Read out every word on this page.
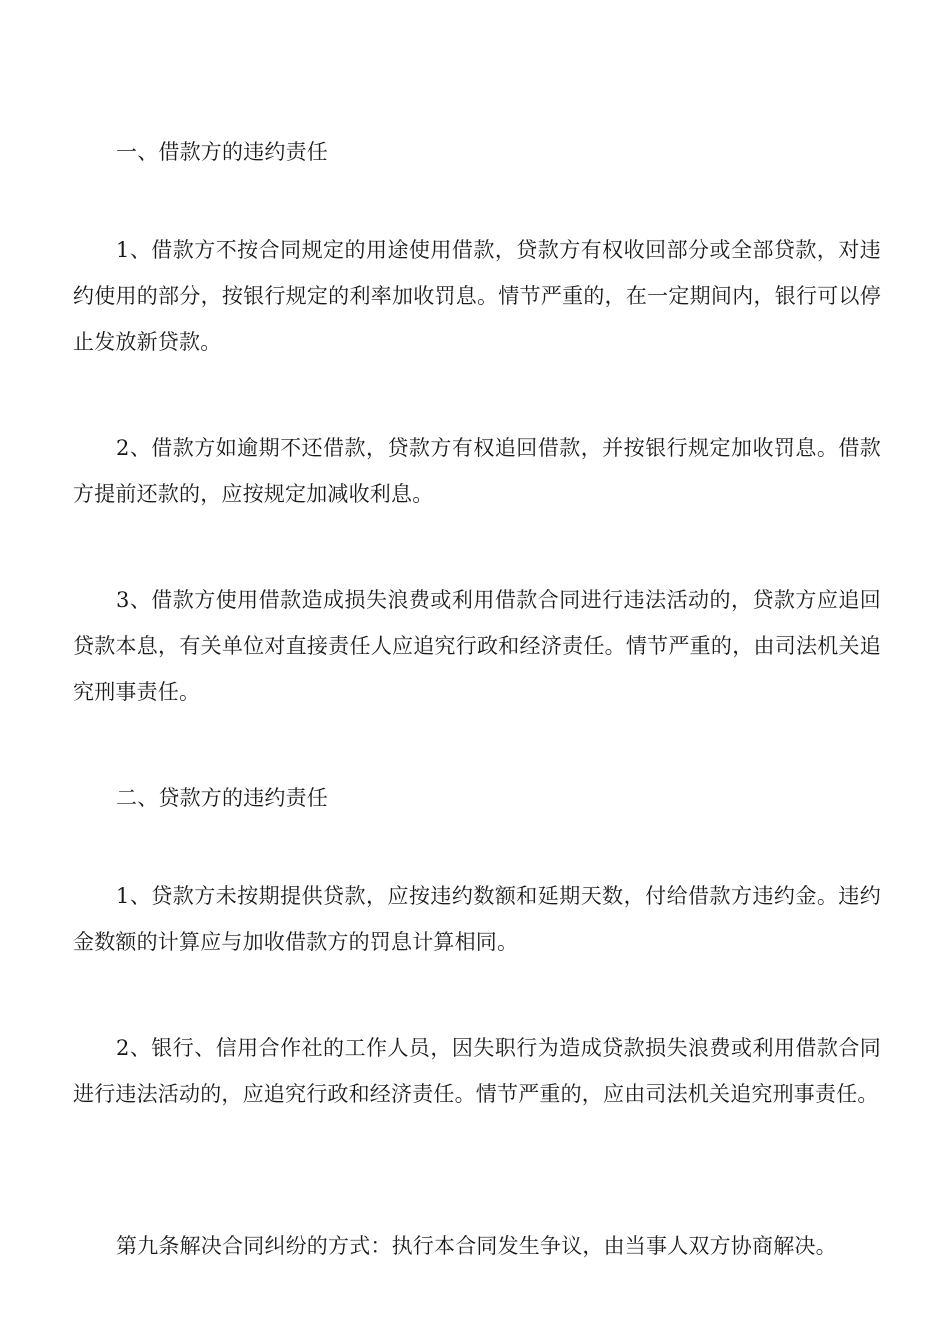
一、借款方的违约责任

1、借款方不按合同规定的用途使用借款，贷款方有权收回部分或全部贷款，对违约使用的部分，按银行规定的利率加收罚息。情节严重的，在一定期间内，银行可以停止发放新贷款。

2、借款方如逾期不还借款，贷款方有权追回借款，并按银行规定加收罚息。借款方提前还款的，应按规定加减收利息。

3、借款方使用借款造成损失浪费或利用借款合同进行违法活动的，贷款方应追回贷款本息，有关单位对直接责任人应追究行政和经济责任。情节严重的，由司法机关追究刑事责任。

二、贷款方的违约责任

1、贷款方未按期提供贷款，应按违约数额和延期天数，付给借款方违约金。违约金数额的计算应与加收借款方的罚息计算相同。

2、银行、信用合作社的工作人员，因失职行为造成贷款损失浪费或利用借款合同进行违法活动的，应追究行政和经济责任。情节严重的，应由司法机关追究刑事责任。

第九条解决合同纠纷的方式：执行本合同发生争议，由当事人双方协商解决。
